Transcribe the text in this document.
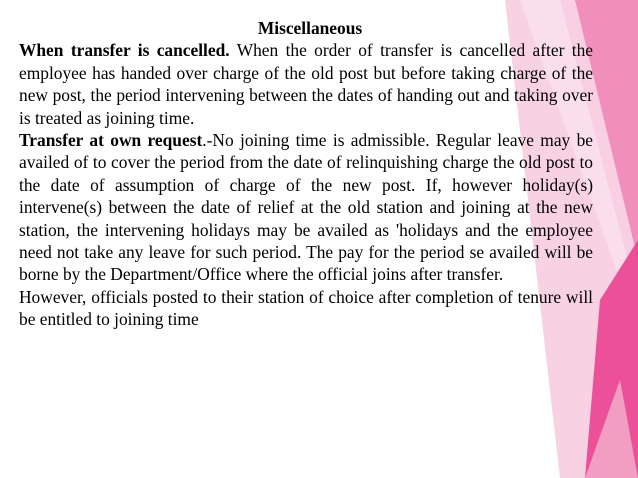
Miscellaneous

When transfer is cancelled. When the order of transfer is cancelled after the employee has handed over charge of the old post but before taking charge of the new post, the period intervening between the dates of handing out and taking over is treated as joining time.

Transfer at own request.-No joining time is admissible. Regular leave may be availed of to cover the period from the date of relinquishing charge the old post to the date of assumption of charge of the new post. If, however holiday(s) intervene(s) between the date of relief at the old station and joining at the new station, the intervening holidays may be availed as 'holidays and the employee need not take any leave for such period. The pay for the period se availed will be borne by the Department/Office where the official joins after transfer.

However, officials posted to their station of choice after completion of tenure will be entitled to joining time
